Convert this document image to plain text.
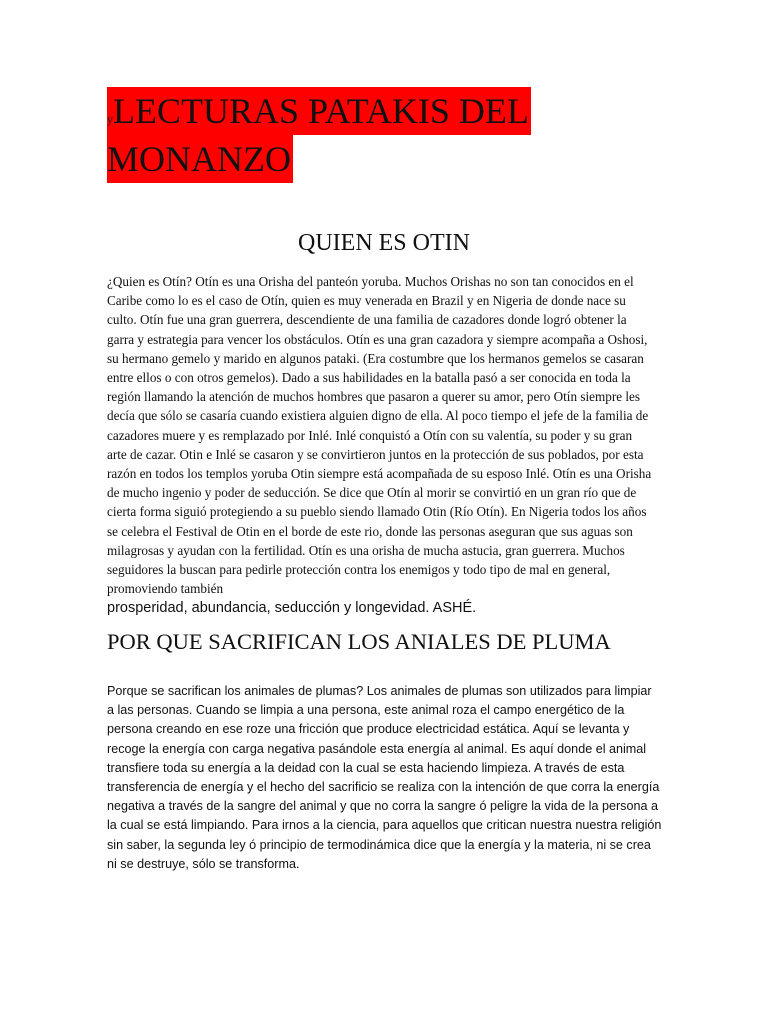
yLECTURAS PATAKIS DEL
MONANZO
QUIEN ES OTIN

¿Quien es Otín? Otín es una Orisha del panteón yoruba. Muchos Orishas no son tan conocidos en el Caribe como lo es el caso de Otín, quien es muy venerada en Brazil y en Nigeria de donde nace su culto. Otín fue una gran guerrera, descendiente de una familia de cazadores donde logró obtener la garra y estrategia para vencer los obstáculos. Otín es una gran cazadora y siempre acompaña a Oshosi, su hermano gemelo y marido en algunos pataki. (Era costumbre que los hermanos gemelos se casaran entre ellos o con otros gemelos). Dado a sus habilidades en la batalla pasó a ser conocida en toda la región llamando la atención de muchos hombres que pasaron a querer su amor, pero Otín siempre les decía que sólo se casaría cuando existiera alguien digno de ella. Al poco tiempo el jefe de la familia de cazadores muere y es remplazado por Inlé. Inlé conquistó a Otín con su valentía, su poder y su gran arte de cazar. Otin e Inlé se casaron y se convirtieron juntos en la protección de sus poblados, por esta razón en todos los templos yoruba Otin siempre está acompañada de su esposo Inlé. Otín es una Orisha de mucho ingenio y poder de seducción. Se dice que Otín al morir se convirtió en un gran río que de cierta forma siguió protegiendo a su pueblo siendo llamado Otin (Río Otín). En Nigeria todos los años se celebra el Festival de Otin en el borde de este rio, donde las personas aseguran que sus aguas son milagrosas y ayudan con la fertilidad. Otín es una orisha de mucha astucia, gran guerrera. Muchos seguidores la buscan para pedirle protección contra los enemigos y todo tipo de mal en general, promoviendo también
prosperidad, abundancia, seducción y longevidad. ASHÉ.

POR QUE SACRIFICAN LOS ANIALES DE PLUMA

Porque se sacrifican los animales de plumas? Los animales de plumas son utilizados para limpiar a las personas. Cuando se limpia a una persona, este animal roza el campo energético de la persona creando en ese roze una fricción que produce electricidad estática. Aquí se levanta y recoge la energía con carga negativa pasándole esta energía al animal. Es aquí donde el animal transfiere toda su energía a la deidad con la cual se esta haciendo limpieza. A través de esta transferencia de energía y el hecho del sacrificio se realiza con la intención de que corra la energía negativa a través de la sangre del animal y que no corra la sangre ó peligre la vida de la persona a la cual se está limpiando. Para irnos a la ciencia, para aquellos que critican nuestra nuestra religión sin saber, la segunda ley ó principio de termodinámica dice que la energía y la materia, ni se crea ni se destruye, sólo se transforma.
